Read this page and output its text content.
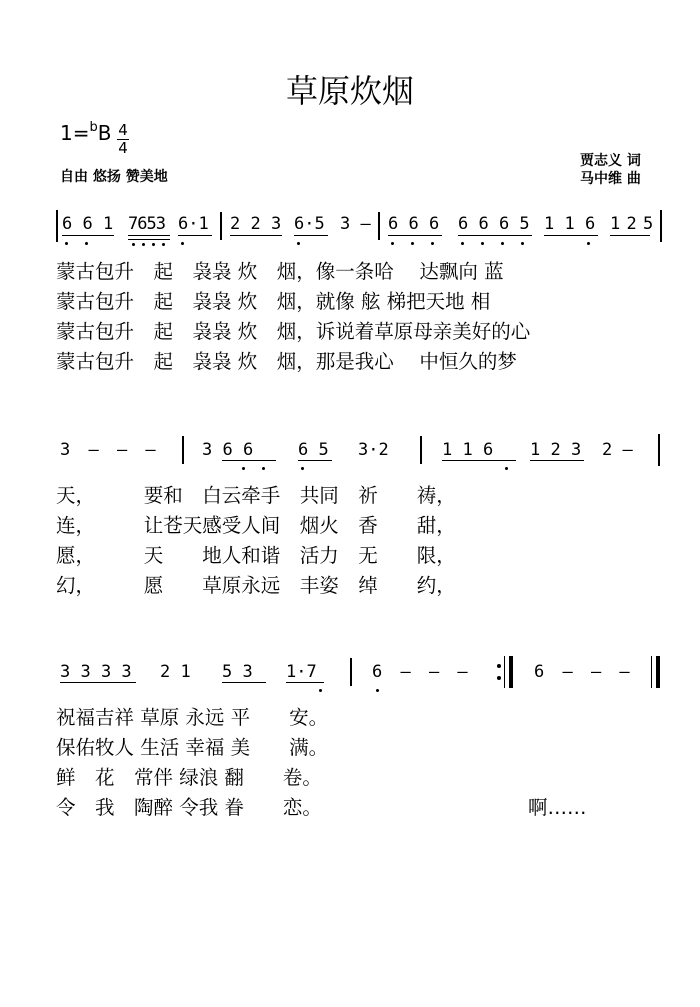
草原炊烟
1=$^b$B 4
4
自由 悠扬 赞美地
贾志义 词
马中维 曲
6 6 1 7653 6·1 2 2 3 6·5 3 – 6 6 6 6 6 6 5 1 1 6 1 2 5
蒙古包升　起　袅袅 炊　烟，像一条哈　 达飘向 蓝
蒙古包升　起　袅袅 炊　烟，就像 舷 梯把天地 相
蒙古包升　起　袅袅 炊　烟，诉说着草原母亲美好的心
蒙古包升　起　袅袅 炊　烟，那是我心　 中恒久的梦
3 – – – 3 6 6	6 5 3·2	1 1 6 1 2 3 2 –
天，　　　要和　白云牵手　共同　祈　　祷，
连，　　　让苍天感受人间　烟火　香　　甜，
愿，　　　天　　地人和谐　活力　无　　限，
幻，　　　愿　　草原永远　丰姿　绰　　约，
3 3 3 3 2 1 5 3 1·7	6 – – –	6 – – –
祝福吉祥 草原 永远 平　　安。
保佑牧人 生活 幸福 美　　满。
鲜　花　常伴 绿浪 翻　　卷。
令　我　陶醉 令我 眷　　恋。	啊……
